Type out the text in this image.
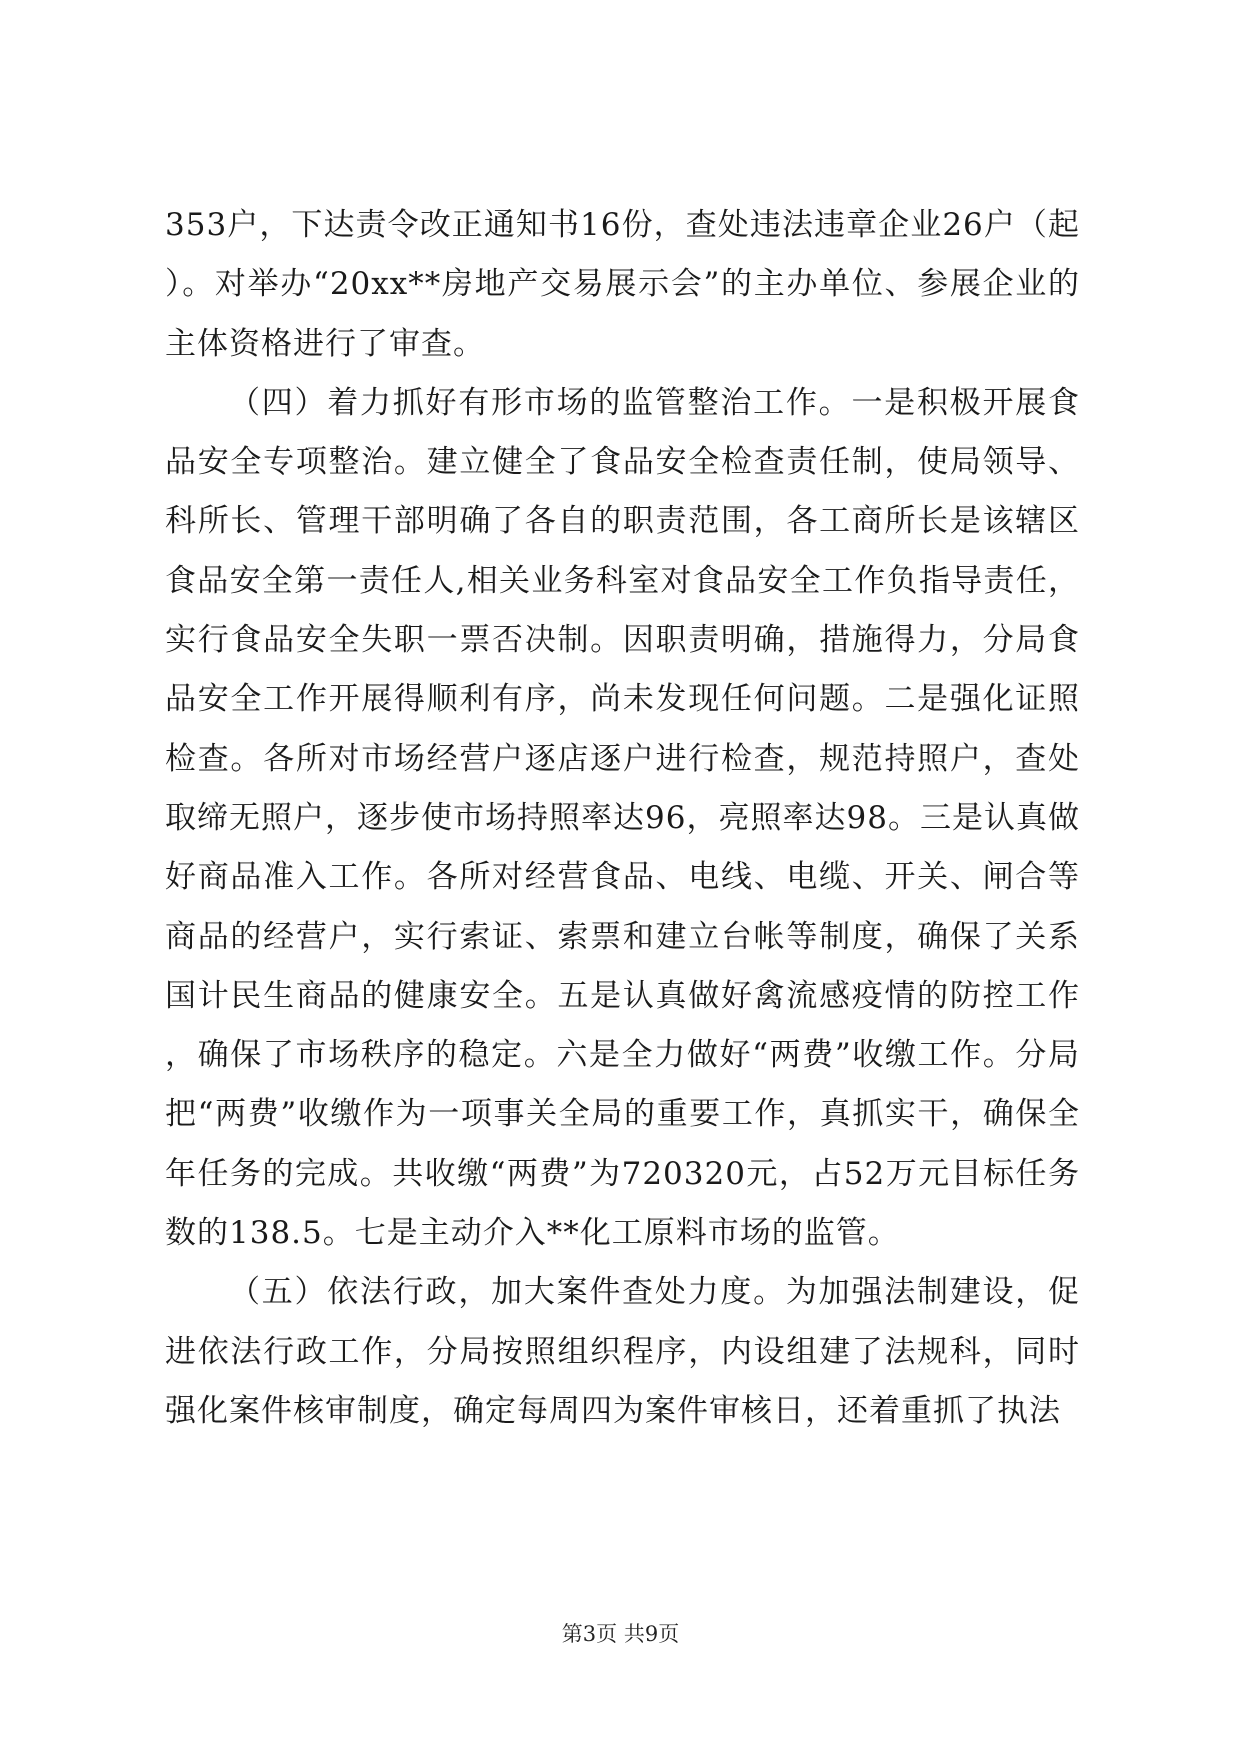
353户，下达责令改正通知书16份，查处违法违章企业26户（起）。对举办“20xx**房地产交易展示会”的主办单位、参展企业的主体资格进行了审查。

（四）着力抓好有形市场的监管整治工作。一是积极开展食品安全专项整治。建立健全了食品安全检查责任制，使局领导、科所长、管理干部明确了各自的职责范围，各工商所长是该辖区食品安全第一责任人,相关业务科室对食品安全工作负指导责任，实行食品安全失职一票否决制。因职责明确，措施得力，分局食品安全工作开展得顺利有序，尚未发现任何问题。二是强化证照检查。各所对市场经营户逐店逐户进行检查，规范持照户，查处取缔无照户，逐步使市场持照率达96，亮照率达98。三是认真做好商品准入工作。各所对经营食品、电线、电缆、开关、闸合等商品的经营户，实行索证、索票和建立台帐等制度，确保了关系国计民生商品的健康安全。五是认真做好禽流感疫情的防控工作，确保了市场秩序的稳定。六是全力做好“两费”收缴工作。分局把“两费”收缴作为一项事关全局的重要工作，真抓实干，确保全年任务的完成。共收缴“两费”为720320元，占52万元目标任务数的138.5。七是主动介入**化工原料市场的监管。

（五）依法行政，加大案件查处力度。为加强法制建设，促进依法行政工作，分局按照组织程序，内设组建了法规科，同时强化案件核审制度，确定每周四为案件审核日，还着重抓了执法

第3页 共9页
